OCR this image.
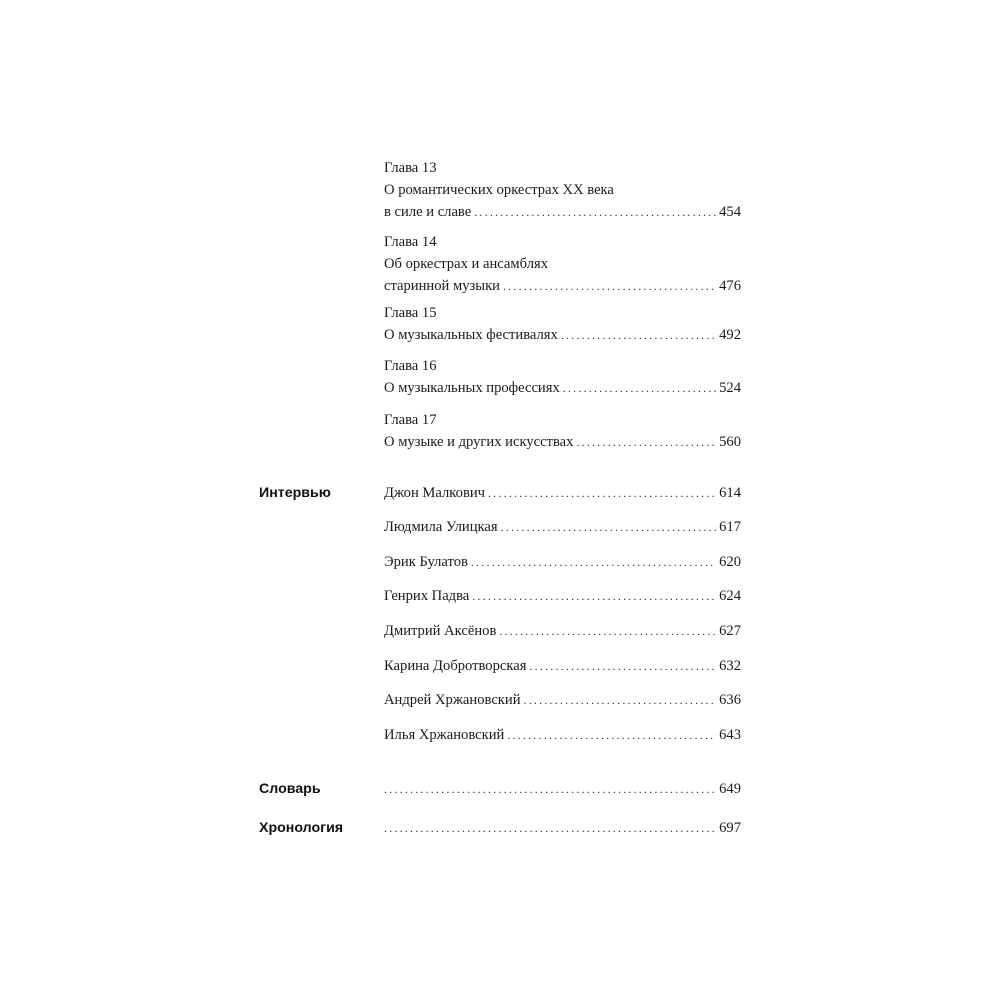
Глава 13
О романтических оркестрах XX века
в силе и славе .....	454
Глава 14
Об оркестрах и ансамблях
старинной музыки .....	476
Глава 15
О музыкальных фестивалях .....	492
Глава 16
О музыкальных профессиях .....	524
Глава 17
О музыке и других искусствах .....	560
Интервью	Джон Малкович .....	614
Людмила Улицкая .....	617
Эрик Булатов .....	620
Генрих Падва .....	624
Дмитрий Аксёнов .....	627
Карина Добротворская .....	632
Андрей Хржановский .....	636
Илья Хржановский .....	643
Словарь .....	649
Хронология .....	697
